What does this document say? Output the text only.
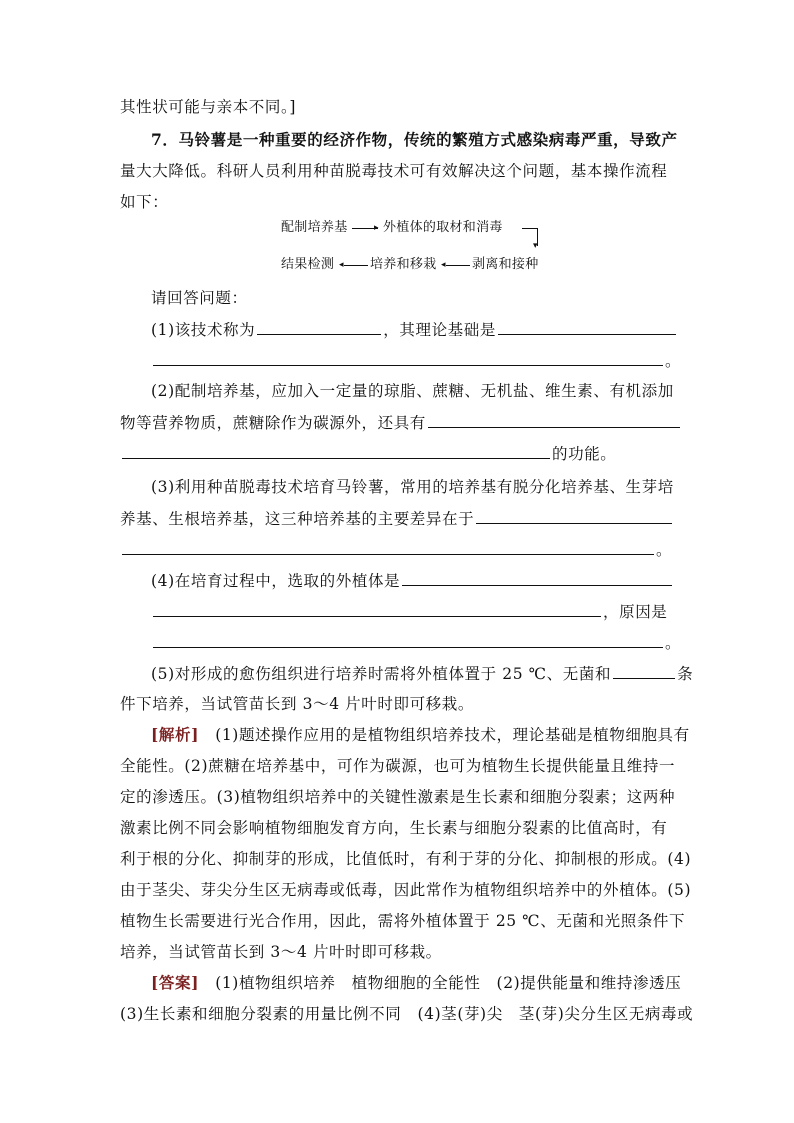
其性状可能与亲本不同。]
7．马铃薯是一种重要的经济作物，传统的繁殖方式感染病毒严重，导致产
量大大降低。科研人员利用种苗脱毒技术可有效解决这个问题，基本操作流程
如下：
配制培养基	▸ 外植体的取材和消毒
▾
结果检测 ◂ 培养和移栽 ◂ 剥离和接种
请回答问题：
(1)该技术称为	，其理论基础是
。
(2)配制培养基，应加入一定量的琼脂、蔗糖、无机盐、维生素、有机添加
物等营养物质，蔗糖除作为碳源外，还具有
的功能。
(3)利用种苗脱毒技术培育马铃薯，常用的培养基有脱分化培养基、生芽培
养基、生根培养基，这三种培养基的主要差异在于
。
(4)在培育过程中，选取的外植体是
，原因是
。
(5)对形成的愈伤组织进行培养时需将外植体置于 25 ℃、无菌和	条
件下培养，当试管苗长到 3～4 片叶时即可移栽。
[解析]　 (1)题述操作应用的是植物组织培养技术，理论基础是植物细胞具有
全能性。(2)蔗糖在培养基中，可作为碳源，也可为植物生长提供能量且维持一
定的渗透压。(3)植物组织培养中的关键性激素是生长素和细胞分裂素；这两种
激素比例不同会影响植物细胞发育方向，生长素与细胞分裂素的比值高时，有
利于根的分化、抑制芽的形成，比值低时，有利于芽的分化、抑制根的形成。(4)
由于茎尖、芽尖分生区无病毒或低毒，因此常作为植物组织培养中的外植体。(5)
植物生长需要进行光合作用，因此，需将外植体置于 25 ℃、无菌和光照条件下
培养，当试管苗长到 3～4 片叶时即可移栽。
[答案]　 (1)植物组织培养　植物细胞的全能性　(2)提供能量和维持渗透压
(3)生长素和细胞分裂素的用量比例不同　(4)茎(芽)尖　茎(芽)尖分生区无病毒或
